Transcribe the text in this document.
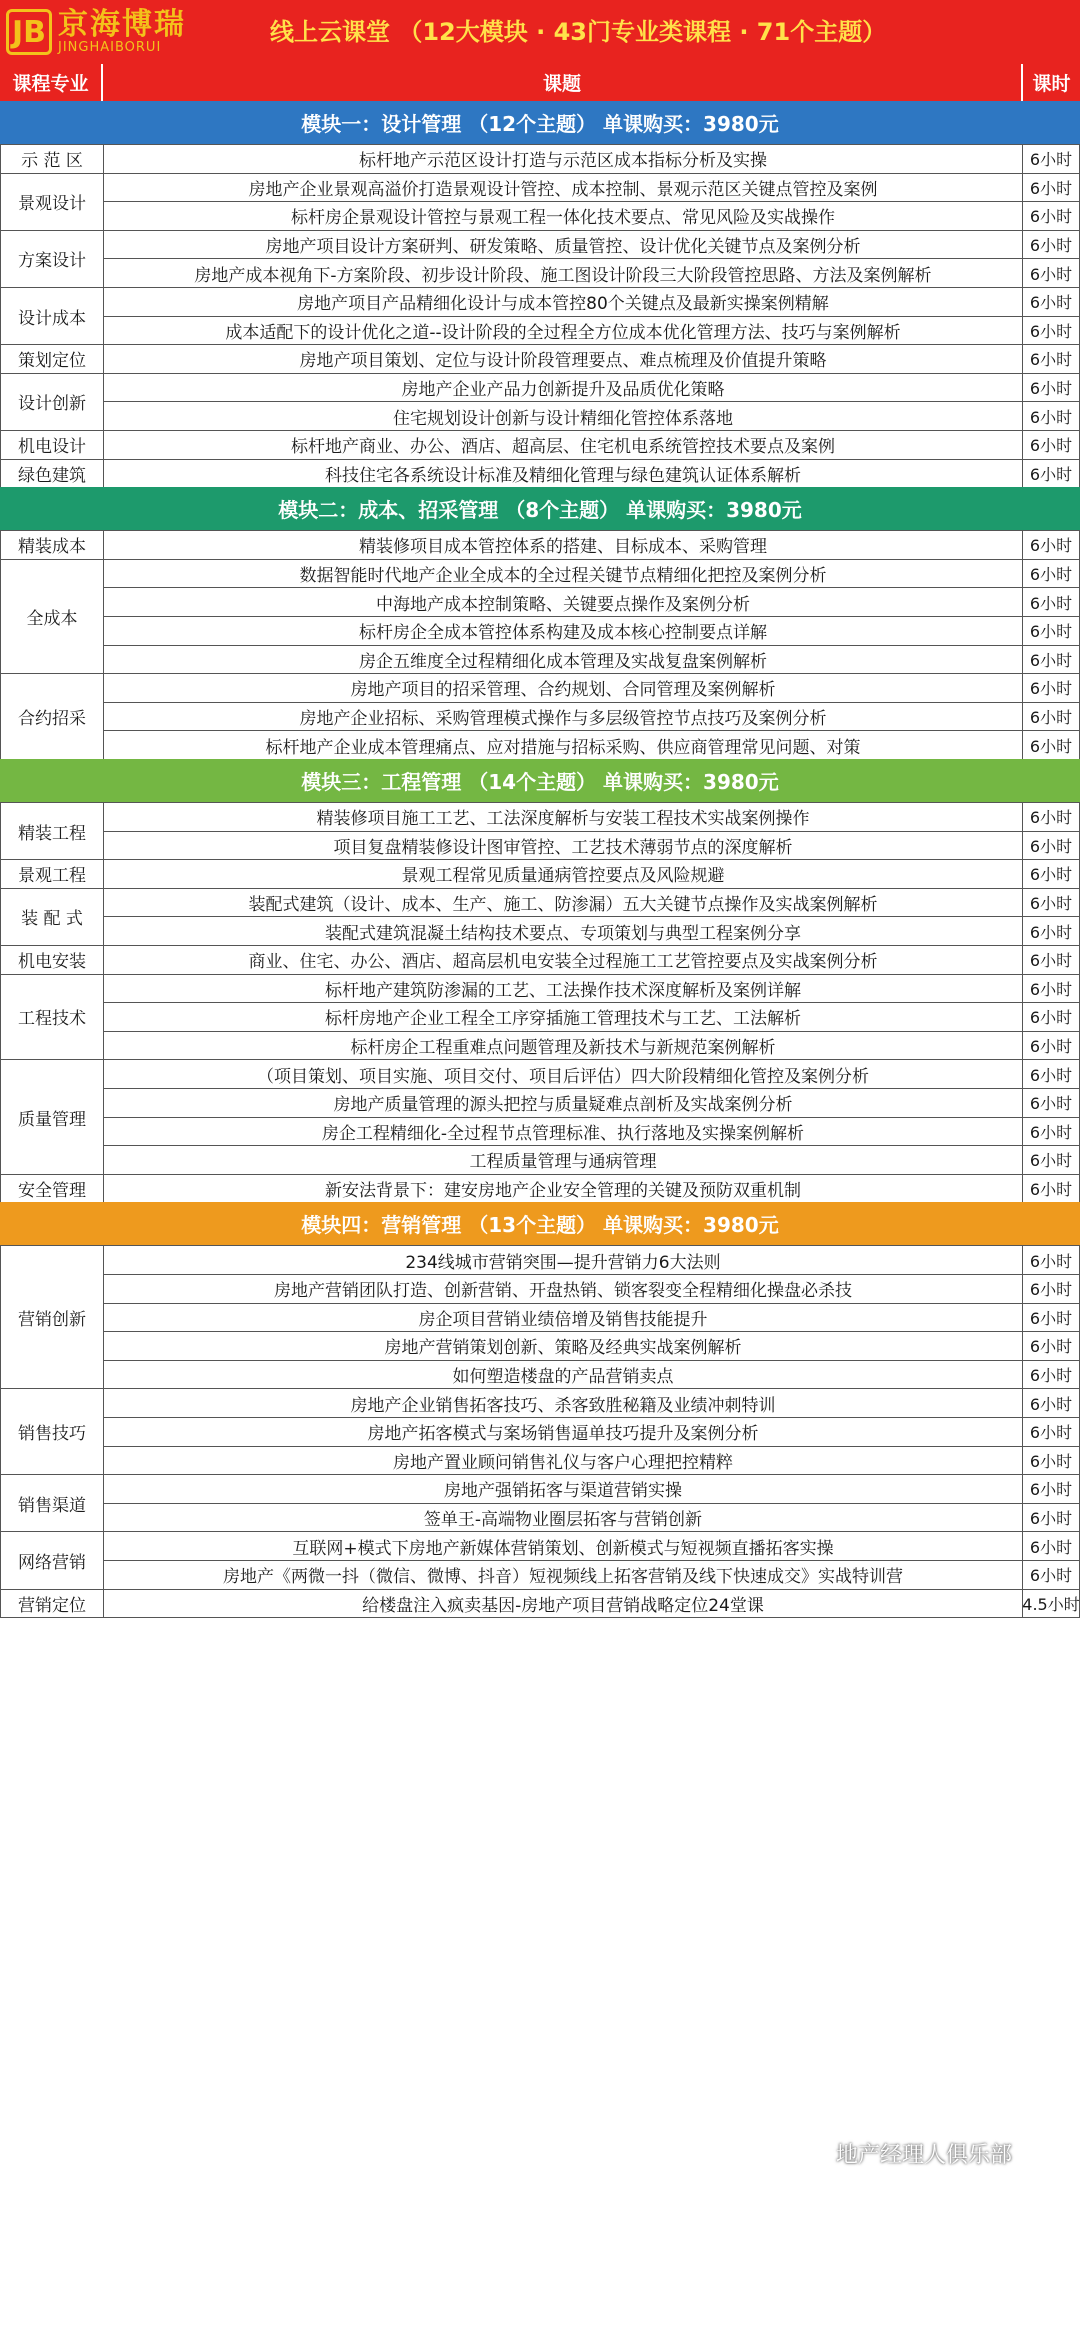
JB 京海博瑞
JINGHAIBORUI
线上云课堂 （12大模块 · 43门专业类课程 · 71个主题）
课程专业	课题	课时
模块一：设计管理 （12个主题） 单课购买：3980元
示 范 区	标杆地产示范区设计打造与示范区成本指标分析及实操	6小时
景观设计
房地产企业景观高溢价打造景观设计管控、成本控制、景观示范区关键点管控及案例	6小时
标杆房企景观设计管控与景观工程一体化技术要点、常见风险及实战操作	6小时
方案设计
房地产项目设计方案研判、研发策略、质量管控、设计优化关键节点及案例分析	6小时
房地产成本视角下-方案阶段、初步设计阶段、施工图设计阶段三大阶段管控思路、方法及案例解析	6小时
设计成本
房地产项目产品精细化设计与成本管控80个关键点及最新实操案例精解	6小时
成本适配下的设计优化之道--设计阶段的全过程全方位成本优化管理方法、技巧与案例解析	6小时
策划定位	房地产项目策划、定位与设计阶段管理要点、难点梳理及价值提升策略	6小时
设计创新
房地产企业产品力创新提升及品质优化策略	6小时
住宅规划设计创新与设计精细化管控体系落地	6小时
机电设计	标杆地产商业、办公、酒店、超高层、住宅机电系统管控技术要点及案例	6小时
绿色建筑	科技住宅各系统设计标准及精细化管理与绿色建筑认证体系解析	6小时
模块二：成本、招采管理 （8个主题） 单课购买：3980元
精装成本	精装修项目成本管控体系的搭建、目标成本、采购管理	6小时
全成本
数据智能时代地产企业全成本的全过程关键节点精细化把控及案例分析	6小时
中海地产成本控制策略、关键要点操作及案例分析	6小时
标杆房企全成本管控体系构建及成本核心控制要点详解	6小时
房企五维度全过程精细化成本管理及实战复盘案例解析	6小时
合约招采
房地产项目的招采管理、合约规划、合同管理及案例解析	6小时
房地产企业招标、采购管理模式操作与多层级管控节点技巧及案例分析	6小时
标杆地产企业成本管理痛点、应对措施与招标采购、供应商管理常见问题、对策	6小时
模块三：工程管理 （14个主题） 单课购买：3980元
精装工程
精装修项目施工工艺、工法深度解析与安装工程技术实战案例操作	6小时
项目复盘精装修设计图审管控、工艺技术薄弱节点的深度解析	6小时
景观工程	景观工程常见质量通病管控要点及风险规避	6小时
装 配 式
装配式建筑（设计、成本、生产、施工、防渗漏）五大关键节点操作及实战案例解析	6小时
装配式建筑混凝土结构技术要点、专项策划与典型工程案例分享	6小时
机电安装	商业、住宅、办公、酒店、超高层机电安装全过程施工工艺管控要点及实战案例分析	6小时
工程技术
标杆地产建筑防渗漏的工艺、工法操作技术深度解析及案例详解	6小时
标杆房地产企业工程全工序穿插施工管理技术与工艺、工法解析	6小时
标杆房企工程重难点问题管理及新技术与新规范案例解析	6小时
质量管理
（项目策划、项目实施、项目交付、项目后评估）四大阶段精细化管控及案例分析	6小时
房地产质量管理的源头把控与质量疑难点剖析及实战案例分析	6小时
房企工程精细化-全过程节点管理标准、执行落地及实操案例解析	6小时
工程质量管理与通病管理	6小时
安全管理	新安法背景下：建安房地产企业安全管理的关键及预防双重机制	6小时
模块四：营销管理 （13个主题） 单课购买：3980元
营销创新
234线城市营销突围—提升营销力6大法则	6小时
房地产营销团队打造、创新营销、开盘热销、锁客裂变全程精细化操盘必杀技	6小时
房企项目营销业绩倍增及销售技能提升	6小时
房地产营销策划创新、策略及经典实战案例解析	6小时
如何塑造楼盘的产品营销卖点	6小时
销售技巧
房地产企业销售拓客技巧、杀客致胜秘籍及业绩冲刺特训	6小时
房地产拓客模式与案场销售逼单技巧提升及案例分析	6小时
房地产置业顾问销售礼仪与客户心理把控精粹	6小时
销售渠道
房地产强销拓客与渠道营销实操	6小时
签单王-高端物业圈层拓客与营销创新	6小时
网络营销
互联网+模式下房地产新媒体营销策划、创新模式与短视频直播拓客实操	6小时
房地产《两微一抖（微信、微博、抖音）短视频线上拓客营销及线下快速成交》实战特训营	6小时
营销定位	给楼盘注入疯卖基因-房地产项目营销战略定位24堂课	4.5小时
地产经理人俱乐部
